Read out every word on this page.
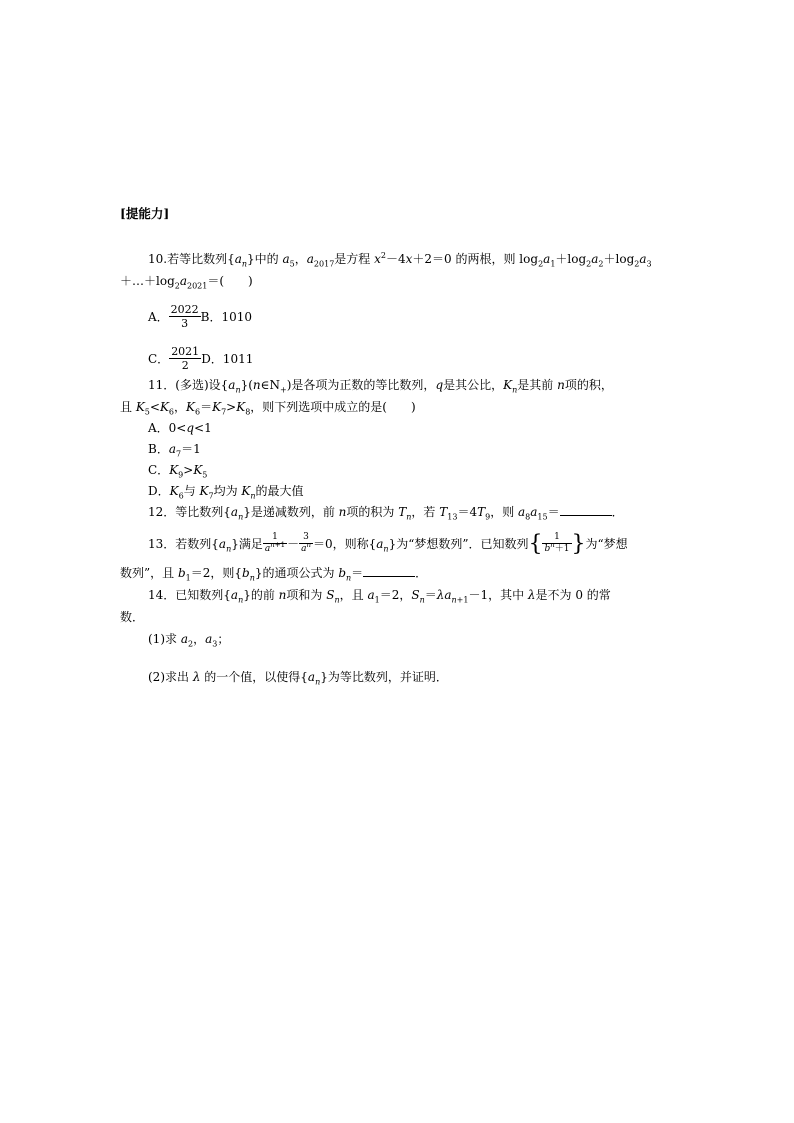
[提能力]
10.若等比数列$\{a_n\}$中的 $a_5$，$a_{2017}$是方程 $x^2-4x+2=0$ 的两根，则 $\log_2a_1+\log_2a_2+\log_2a_3$
$+\dots+\log_2a_{2021}=$(　　)
A． $\frac{2022}{3}$ B．1010
C． $\frac{2021}{2}$ D．1011
11．(多选)设$\{a_n\}(n\in N_+)$是各项为正数的等比数列，q是其公比，$K_n$是其前 n项的积，
且 $K_5<K_6$，$K_6=K_7>K_8$，则下列选项中成立的是(　　)
A．0<q<1
B．$a_7=1$
C．$K_9>K_5$
D．$K_6$与 $K_7$均为 $K_n$的最大值
12．等比数列$\{a_n\}$是递减数列，前 n项的积为 $T_n$，若 $T_{13}=4T_9$，则 $a_8a_{15}=$	．
13．若数列$\{a_n\}$满足 $\frac{1}{a^{n+1}} - \frac{3}{a^n} =0$，则称$\{a_n\}$为“梦想数列”．已知数列{ $\frac{1}{b^n+1}$ }为“梦想
数列”，且 $b_1=2$，则$\{b_n\}$的通项公式为 $b_n=$	．
14．已知数列$\{a_n\}$的前 n项和为 $S_n$，且 $a_1=2$，$S_n=\lambda a_{n+1}-1$，其中 λ是不为 0 的常
数．
(1)求 $a_2$，$a_3$；
(2)求出 λ 的一个值，以使得$\{a_n\}$为等比数列，并证明．
